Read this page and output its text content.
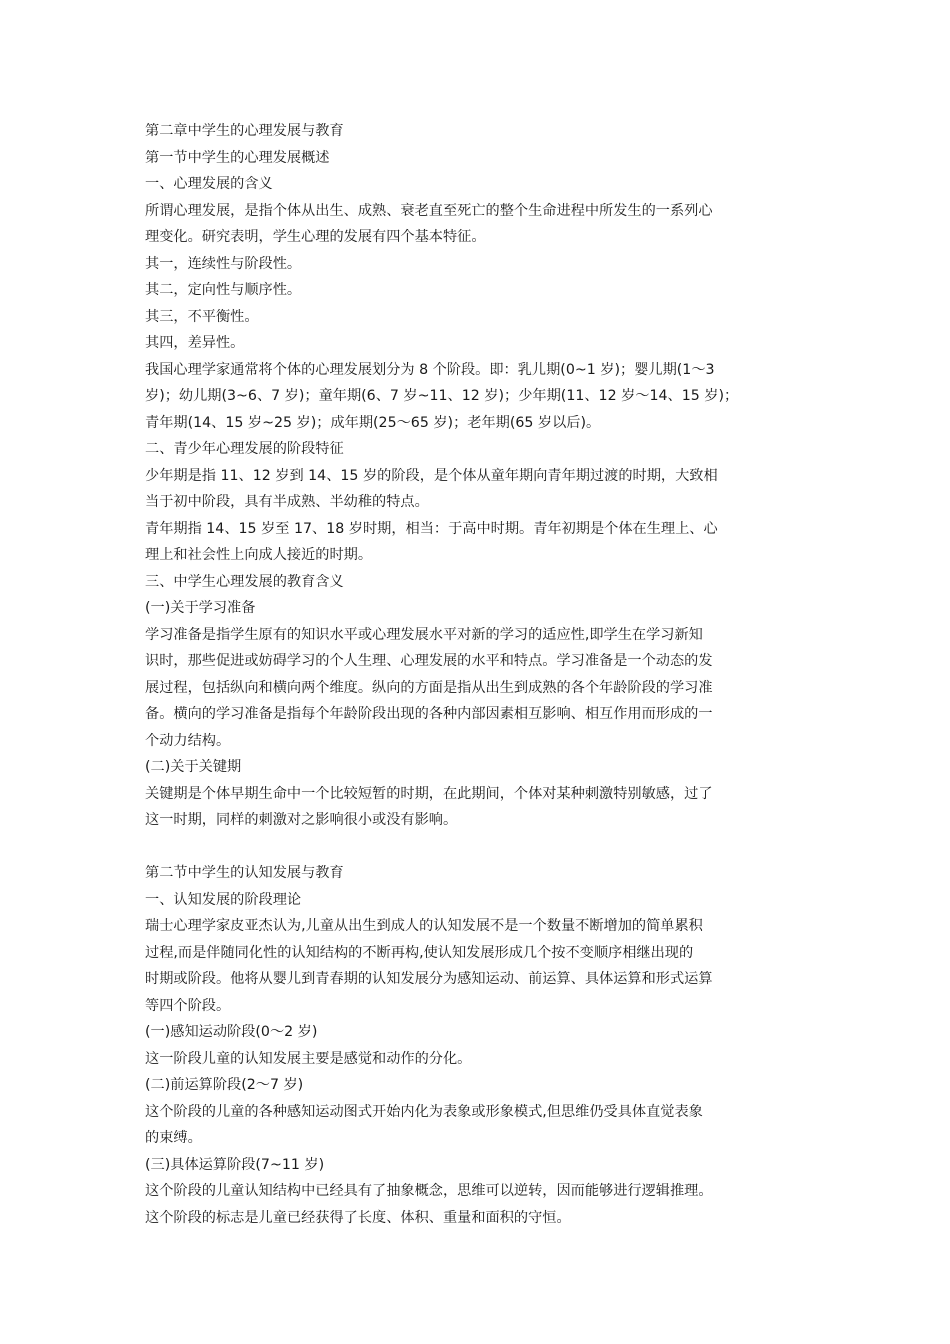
第二章中学生的心理发展与教育
第一节中学生的心理发展概述
一、心理发展的含义
所谓心理发展，是指个体从出生、成熟、衰老直至死亡的整个生命进程中所发生的一系列心
理变化。研究表明，学生心理的发展有四个基本特征。
其一，连续性与阶段性。
其二，定向性与顺序性。
其三，不平衡性。
其四，差异性。
我国心理学家通常将个体的心理发展划分为 8 个阶段。即：乳儿期(0~1 岁)；婴儿期(1～3
岁)；幼儿期(3~6、7 岁)；童年期(6、7 岁~11、12 岁)；少年期(11、12 岁～14、15 岁)；
青年期(14、15 岁~25 岁)；成年期(25～65 岁)；老年期(65 岁以后)。
二、青少年心理发展的阶段特征
少年期是指 11、12 岁到 14、15 岁的阶段，是个体从童年期向青年期过渡的时期，大致相
当于初中阶段，具有半成熟、半幼稚的特点。
青年期指 14、15 岁至 17、18 岁时期，相当：于高中时期。青年初期是个体在生理上、心
理上和社会性上向成人接近的时期。
三、中学生心理发展的教育含义
(一)关于学习准备
学习准备是指学生原有的知识水平或心理发展水平对新的学习的适应性,即学生在学习新知
识时，那些促进或妨碍学习的个人生理、心理发展的水平和特点。学习准备是一个动态的发
展过程，包括纵向和横向两个维度。纵向的方面是指从出生到成熟的各个年龄阶段的学习准
备。横向的学习准备是指每个年龄阶段出现的各种内部因素相互影响、相互作用而形成的一
个动力结构。
(二)关于关键期
关键期是个体早期生命中一个比较短暂的时期，在此期间，个体对某种刺激特别敏感，过了
这一时期，同样的刺激对之影响很小或没有影响。
第二节中学生的认知发展与教育
一、认知发展的阶段理论
瑞士心理学家皮亚杰认为,儿童从出生到成人的认知发展不是一个数量不断增加的简单累积
过程,而是伴随同化性的认知结构的不断再构,使认知发展形成几个按不变顺序相继出现的
时期或阶段。他将从婴儿到青春期的认知发展分为感知运动、前运算、具体运算和形式运算
等四个阶段。
(一)感知运动阶段(0～2 岁)
这一阶段儿童的认知发展主要是感觉和动作的分化。
(二)前运算阶段(2～7 岁)
这个阶段的儿童的各种感知运动图式开始内化为表象或形象模式,但思维仍受具体直觉表象
的束缚。
(三)具体运算阶段(7~11 岁)
这个阶段的儿童认知结构中已经具有了抽象概念，思维可以逆转，因而能够进行逻辑推理。
这个阶段的标志是儿童已经获得了长度、体积、重量和面积的守恒。
